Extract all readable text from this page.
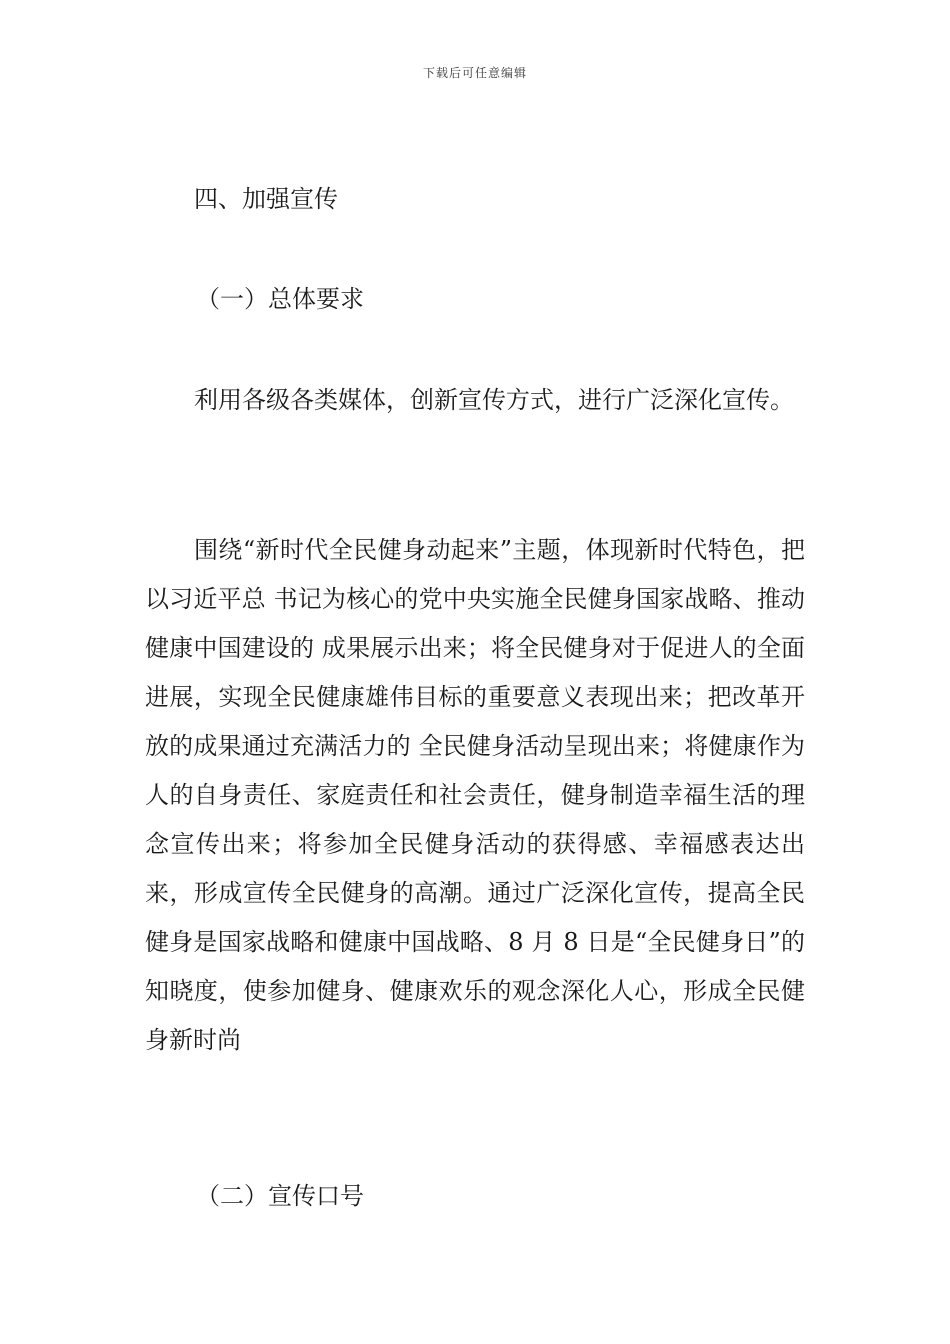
下载后可任意编辑
四、加强宣传
（一）总体要求

利用各级各类媒体，创新宣传方式，进行广泛深化宣传。

围绕“新时代全民健身动起来”主题，体现新时代特色，把以习近平总 书记为核心的党中央实施全民健身国家战略、推动健康中国建设的 成果展示出来；将全民健身对于促进人的全面进展，实现全民健康雄伟目标的重要意义表现出来；把改革开放的成果通过充满活力的 全民健身活动呈现出来；将健康作为人的自身责任、家庭责任和社会责任，健身制造幸福生活的理念宣传出来；将参加全民健身活动的获得感、幸福感表达出来，形成宣传全民健身的高潮。通过广泛深化宣传，提高全民健身是国家战略和健康中国战略、8 月 8 日是“全民健身日”的知晓度，使参加健身、健康欢乐的观念深化人心，形成全民健身新时尚

（二）宣传口号
